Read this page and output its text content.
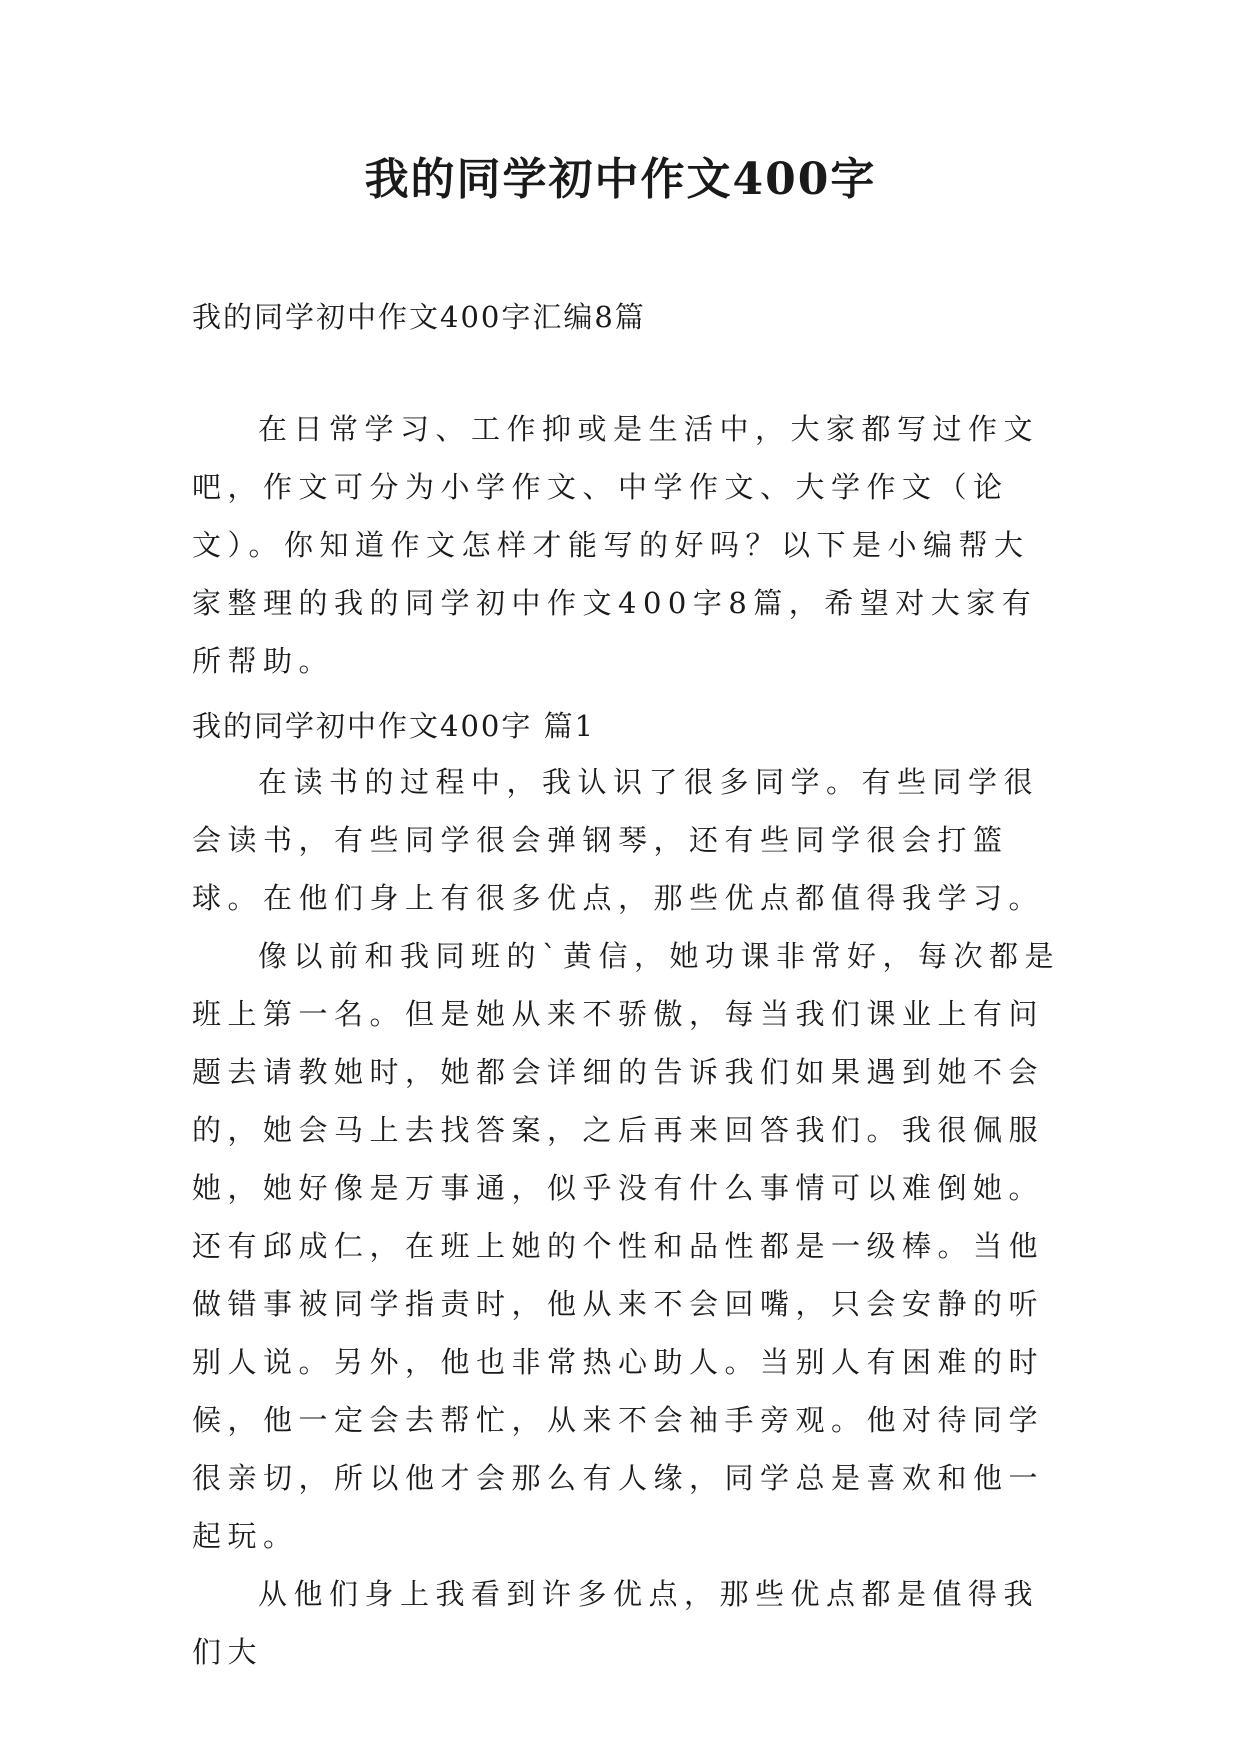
我的同学初中作文400字

我的同学初中作文400字汇编8篇

在日常学习、工作抑或是生活中，大家都写过作文吧，作文可分为小学作文、中学作文、大学作文（论文）。你知道作文怎样才能写的好吗？以下是小编帮大家整理的我的同学初中作文400字8篇，希望对大家有所帮助。

我的同学初中作文400字 篇1

在读书的过程中，我认识了很多同学。有些同学很会读书，有些同学很会弹钢琴，还有些同学很会打篮球。在他们身上有很多优点，那些优点都值得我学习。

像以前和我同班的`黄信，她功课非常好，每次都是班上第一名。但是她从来不骄傲，每当我们课业上有问题去请教她时，她都会详细的告诉我们如果遇到她不会的，她会马上去找答案，之后再来回答我们。我很佩服她，她好像是万事通，似乎没有什么事情可以难倒她。还有邱成仁，在班上她的个性和品性都是一级棒。当他做错事被同学指责时，他从来不会回嘴，只会安静的听别人说。另外，他也非常热心助人。当别人有困难的时候，他一定会去帮忙，从来不会袖手旁观。他对待同学很亲切，所以他才会那么有人缘，同学总是喜欢和他一起玩。

从他们身上我看到许多优点，那些优点都是值得我们大
